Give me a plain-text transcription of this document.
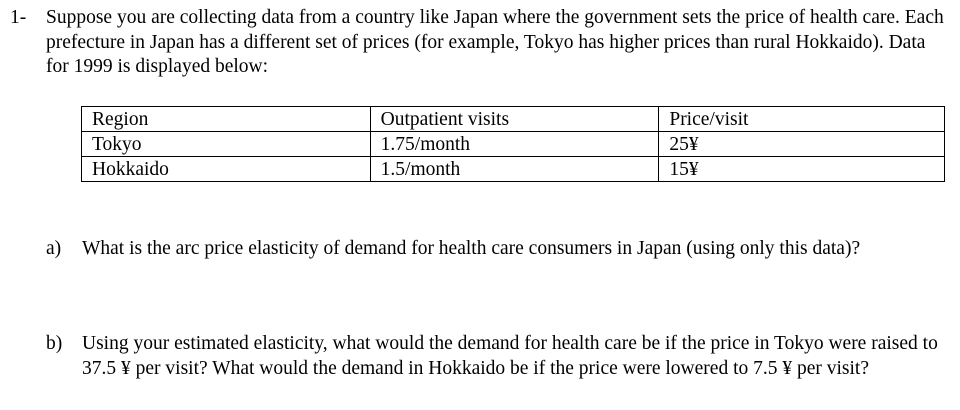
1- Suppose you are collecting data from a country like Japan where the government sets the price of health care. Each prefecture in Japan has a different set of prices (for example, Tokyo has higher prices than rural Hokkaido). Data for 1999 is displayed below:
Region	Outpatient visits	Price/visit
Tokyo	1.75/month	25¥
Hokkaido	1.5/month	15¥
a) What is the arc price elasticity of demand for health care consumers in Japan (using only this data)?
b) Using your estimated elasticity, what would the demand for health care be if the price in Tokyo were raised to 37.5 ¥ per visit? What would the demand in Hokkaido be if the price were lowered to 7.5 ¥ per visit?
